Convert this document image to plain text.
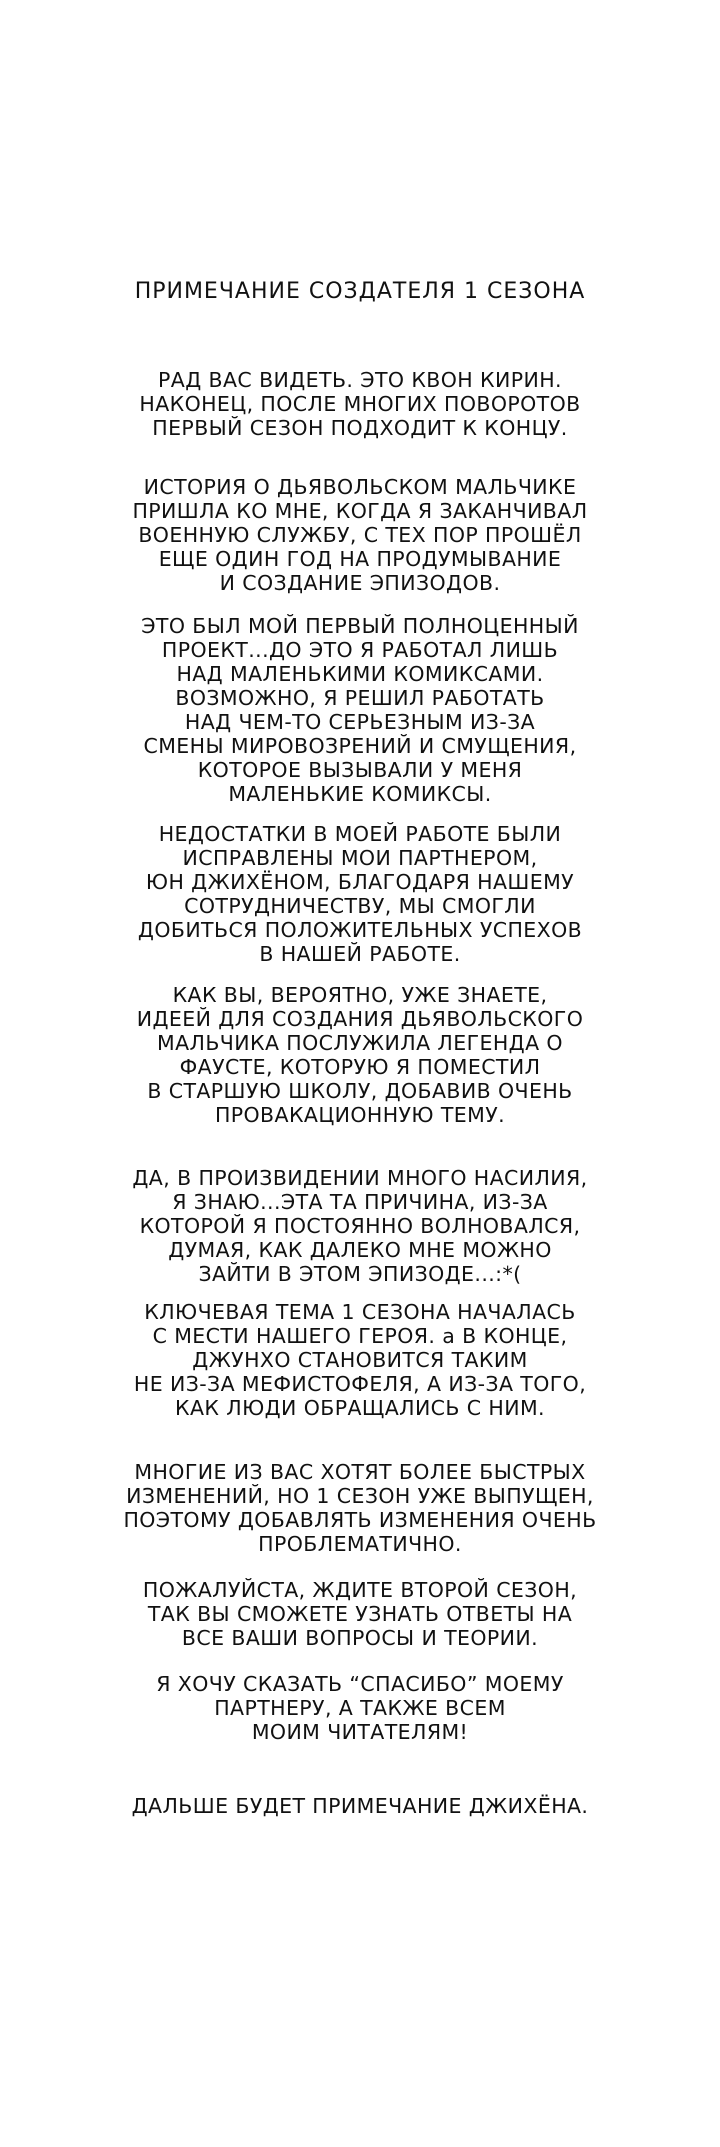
ПРИМЕЧАНИЕ СОЗДАТЕЛЯ 1 СЕЗОНА
РАД ВАС ВИДЕТЬ. ЭТО КВОН КИРИН.
НАКОНЕЦ, ПОСЛЕ МНОГИХ ПОВОРОТОВ
ПЕРВЫЙ СЕЗОН ПОДХОДИТ К КОНЦУ.
ИСТОРИЯ О ДЬЯВОЛЬСКОМ МАЛЬЧИКЕ
ПРИШЛА КО МНЕ, КОГДА Я ЗАКАНЧИВАЛ
ВОЕННУЮ СЛУЖБУ, С ТЕХ ПОР ПРОШЁЛ
ЕЩЕ ОДИН ГОД НА ПРОДУМЫВАНИЕ
И СОЗДАНИЕ ЭПИЗОДОВ.
ЭТО БЫЛ МОЙ ПЕРВЫЙ ПОЛНОЦЕННЫЙ
ПРОЕКТ...ДО ЭТО Я РАБОТАЛ ЛИШЬ
НАД МАЛЕНЬКИМИ КОМИКСАМИ.
ВОЗМОЖНО, Я РЕШИЛ РАБОТАТЬ
НАД ЧЕМ-ТО СЕРЬЕЗНЫМ ИЗ-ЗА
СМЕНЫ МИРОВОЗРЕНИЙ И СМУЩЕНИЯ,
КОТОРОЕ ВЫЗЫВАЛИ У МЕНЯ
МАЛЕНЬКИЕ КОМИКСЫ.
НЕДОСТАТКИ В МОЕЙ РАБОТЕ БЫЛИ
ИСПРАВЛЕНЫ МОИ ПАРТНЕРОМ,
ЮН ДЖИХЁНОМ, БЛАГОДАРЯ НАШЕМУ
СОТРУДНИЧЕСТВУ, МЫ СМОГЛИ
ДОБИТЬСЯ ПОЛОЖИТЕЛЬНЫХ УСПЕХОВ
В НАШЕЙ РАБОТЕ.
КАК ВЫ, ВЕРОЯТНО, УЖЕ ЗНАЕТЕ,
ИДЕЕЙ ДЛЯ СОЗДАНИЯ ДЬЯВОЛЬСКОГО
МАЛЬЧИКА ПОСЛУЖИЛА ЛЕГЕНДА О
ФАУСТЕ, КОТОРУЮ Я ПОМЕСТИЛ
В СТАРШУЮ ШКОЛУ, ДОБАВИВ ОЧЕНЬ
ПРОВАКАЦИОННУЮ ТЕМУ.
ДА, В ПРОИЗВИДЕНИИ МНОГО НАСИЛИЯ,
Я ЗНАЮ...ЭТА ТА ПРИЧИНА, ИЗ-ЗА
КОТОРОЙ Я ПОСТОЯННО ВОЛНОВАЛСЯ,
ДУМАЯ, КАК ДАЛЕКО МНЕ МОЖНО
ЗАЙТИ В ЭТОМ ЭПИЗОДЕ...:*(
КЛЮЧЕВАЯ ТЕМА 1 СЕЗОНА НАЧАЛАСЬ
С МЕСТИ НАШЕГО ГЕРОЯ. а В КОНЦЕ,
ДЖУНХО СТАНОВИТСЯ ТАКИМ
НЕ ИЗ-ЗА МЕФИСТОФЕЛЯ, А ИЗ-ЗА ТОГО,
КАК ЛЮДИ ОБРАЩАЛИСЬ С НИМ.
МНОГИЕ ИЗ ВАС ХОТЯТ БОЛЕЕ БЫСТРЫХ
ИЗМЕНЕНИЙ, НО 1 СЕЗОН УЖЕ ВЫПУЩЕН,
ПОЭТОМУ ДОБАВЛЯТЬ ИЗМЕНЕНИЯ ОЧЕНЬ
ПРОБЛЕМАТИЧНО.
ПОЖАЛУЙСТА, ЖДИТЕ ВТОРОЙ СЕЗОН,
ТАК ВЫ СМОЖЕТЕ УЗНАТЬ ОТВЕТЫ НА
ВСЕ ВАШИ ВОПРОСЫ И ТЕОРИИ.
Я ХОЧУ СКАЗАТЬ “СПАСИБО” МОЕМУ
ПАРТНЕРУ, А ТАКЖЕ ВСЕМ
МОИМ ЧИТАТЕЛЯМ!
ДАЛЬШЕ БУДЕТ ПРИМЕЧАНИЕ ДЖИХЁНА.
